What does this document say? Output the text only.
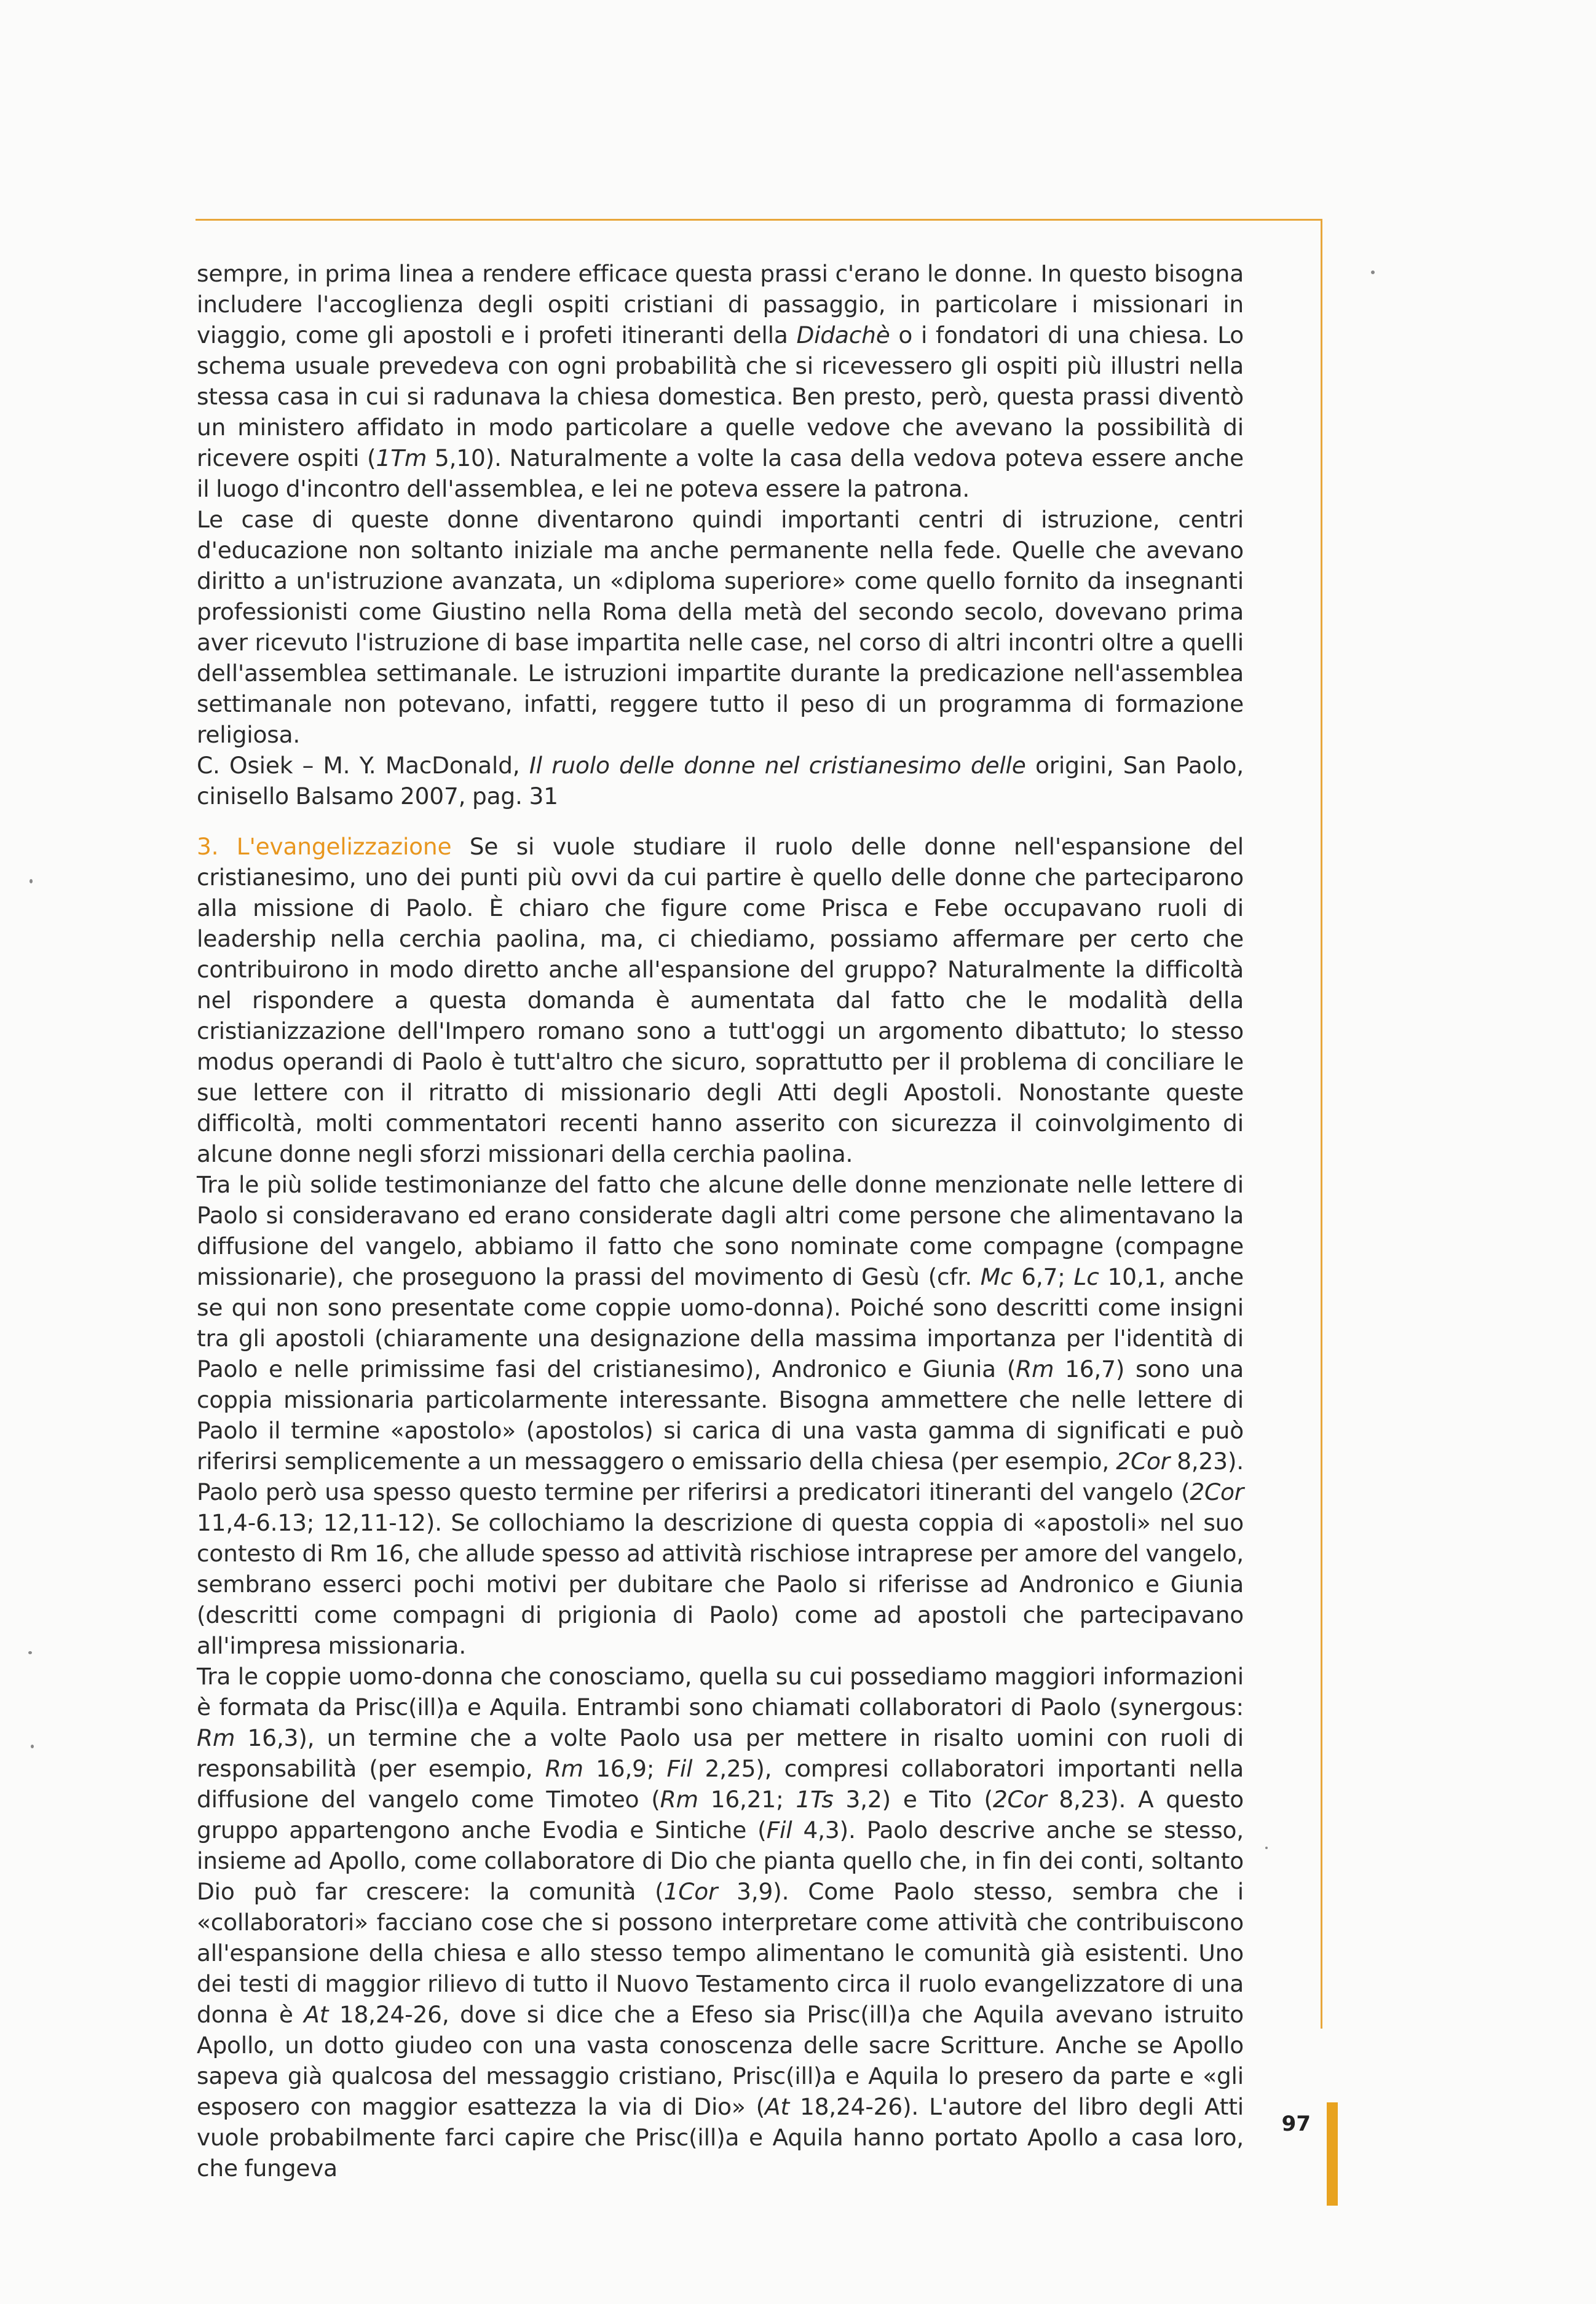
sempre, in prima linea a rendere efficace questa prassi c'erano le donne. In questo bisogna includere l'accoglienza degli ospiti cristiani di passaggio, in particolare i missionari in viaggio, come gli apostoli e i profeti itineranti della Didachè o i fondatori di una chiesa. Lo schema usuale prevedeva con ogni probabilità che si ricevessero gli ospiti più illustri nella stessa casa in cui si radunava la chiesa domestica. Ben presto, però, questa prassi diventò un ministero affidato in modo particolare a quelle vedove che avevano la possibilità di ricevere ospiti (1Tm 5,10). Naturalmente a volte la casa della vedova poteva essere anche il luogo d'incontro dell'assemblea, e lei ne poteva essere la patrona.

Le case di queste donne diventarono quindi importanti centri di istruzione, centri d'educazione non soltanto iniziale ma anche permanente nella fede. Quelle che avevano diritto a un'istruzione avanzata, un «diploma superiore» come quello fornito da insegnanti professionisti come Giustino nella Roma della metà del secondo secolo, dovevano prima aver ricevuto l'istruzione di base impartita nelle case, nel corso di altri incontri oltre a quelli dell'assemblea settimanale. Le istruzioni impartite durante la predicazione nell'assemblea settimanale non potevano, infatti, reggere tutto il peso di un programma di formazione religiosa.

C. Osiek – M. Y. MacDonald, Il ruolo delle donne nel cristianesimo delle origini, San Paolo, cinisello Balsamo 2007, pag. 31

3. L'evangelizzazione Se si vuole studiare il ruolo delle donne nell'espansione del cristianesimo, uno dei punti più ovvi da cui partire è quello delle donne che parteciparono alla missione di Paolo. È chiaro che figure come Prisca e Febe occupavano ruoli di leadership nella cerchia paolina, ma, ci chiediamo, possiamo affermare per certo che contribuirono in modo diretto anche all'espansione del gruppo? Naturalmente la difficoltà nel rispondere a questa domanda è aumentata dal fatto che le modalità della cristianizzazione dell'Impero romano sono a tutt'oggi un argomento dibattuto; lo stesso modus operandi di Paolo è tutt'altro che sicuro, soprattutto per il problema di conciliare le sue lettere con il ritratto di missionario degli Atti degli Apostoli. Nonostante queste difficoltà, molti commentatori recenti hanno asserito con sicurezza il coinvolgimento di alcune donne negli sforzi missionari della cerchia paolina.

Tra le più solide testimonianze del fatto che alcune delle donne menzionate nelle lettere di Paolo si consideravano ed erano considerate dagli altri come persone che alimentavano la diffusione del vangelo, abbiamo il fatto che sono nominate come compagne (compagne missionarie), che proseguono la prassi del movimento di Gesù (cfr. Mc 6,7; Lc 10,1, anche se qui non sono presentate come coppie uomo-donna). Poiché sono descritti come insigni tra gli apostoli (chiaramente una designazione della massima importanza per l'identità di Paolo e nelle primissime fasi del cristianesimo), Andronico e Giunia (Rm 16,7) sono una coppia missionaria particolarmente interessante. Bisogna ammettere che nelle lettere di Paolo il termine «apostolo» (apostolos) si carica di una vasta gamma di significati e può riferirsi semplicemente a un messaggero o emissario della chiesa (per esempio, 2Cor 8,23). Paolo però usa spesso questo termine per riferirsi a predicatori itineranti del vangelo (2Cor 11,4-6.13; 12,11-12). Se collochiamo la descrizione di questa coppia di «apostoli» nel suo contesto di Rm 16, che allude spesso ad attività rischiose intraprese per amore del vangelo, sembrano esserci pochi motivi per dubitare che Paolo si riferisse ad Andronico e Giunia (descritti come compagni di prigionia di Paolo) come ad apostoli che partecipavano all'impresa missionaria.

Tra le coppie uomo-donna che conosciamo, quella su cui possediamo maggiori informazioni è formata da Prisc(ill)a e Aquila. Entrambi sono chiamati collaboratori di Paolo (synergous: Rm 16,3), un termine che a volte Paolo usa per mettere in risalto uomini con ruoli di responsabilità (per esempio, Rm 16,9; Fil 2,25), compresi collaboratori importanti nella diffusione del vangelo come Timoteo (Rm 16,21; 1Ts 3,2) e Tito (2Cor 8,23). A questo gruppo appartengono anche Evodia e Sintiche (Fil 4,3). Paolo descrive anche se stesso, insieme ad Apollo, come collaboratore di Dio che pianta quello che, in fin dei conti, soltanto Dio può far crescere: la comunità (1Cor 3,9). Come Paolo stesso, sembra che i «collaboratori» facciano cose che si possono interpretare come attività che contribuiscono all'espansione della chiesa e allo stesso tempo alimentano le comunità già esistenti. Uno dei testi di maggior rilievo di tutto il Nuovo Testamento circa il ruolo evangelizzatore di una donna è At 18,24-26, dove si dice che a Efeso sia Prisc(ill)a che Aquila avevano istruito Apollo, un dotto giudeo con una vasta conoscenza delle sacre Scritture. Anche se Apollo sapeva già qualcosa del messaggio cristiano, Prisc(ill)a e Aquila lo presero da parte e «gli esposero con maggior esattezza la via di Dio» (At 18,24-26). L'autore del libro degli Atti vuole probabilmente farci capire che Prisc(ill)a e Aquila hanno portato Apollo a casa loro, che fungeva

97
